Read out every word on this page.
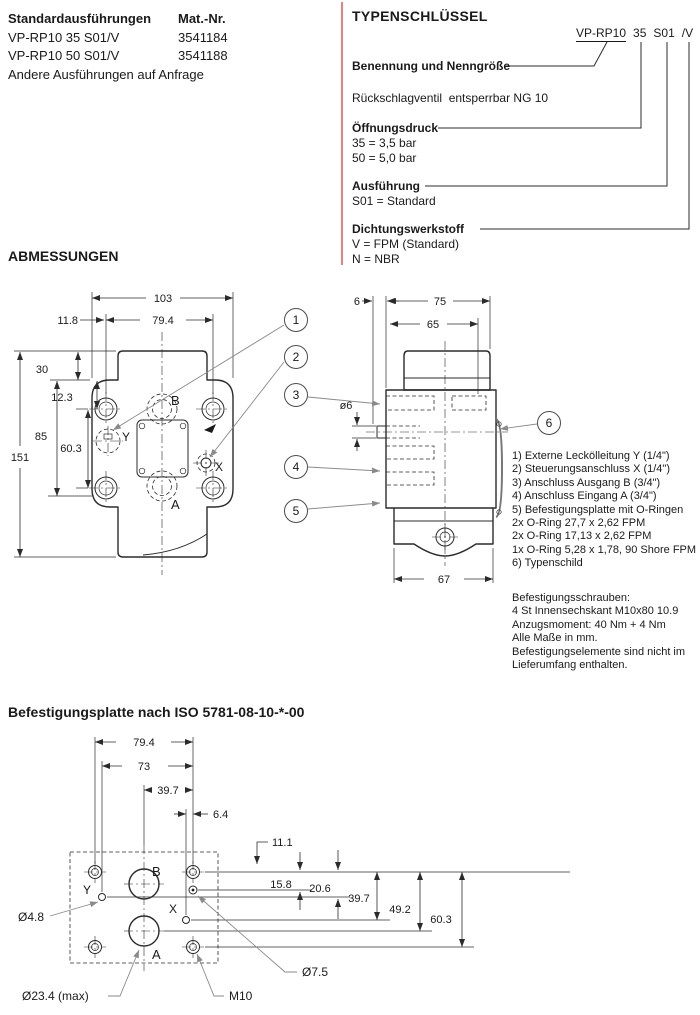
103
79.4
11.8
151
85
60.3
30
12.3	B
A
Y
X
6	75
65
ø6
67
1
2
3
4
5
6
79.4
73
39.7
6.4
11.1
15.8 20.6
39.7
49.2
60.3
Ø4.8
Ø23.4 (max)	M10
Ø7.5
B
A
Y
X
Standardausführungen	Mat.-Nr.
VP-RP10 35 S01/V	3541184
VP-RP10 50 S01/V	3541188
Andere Ausführungen auf Anfrage
TYPENSCHLÜSSEL
VP-RP10 35 S01 /V
Benennung und Nenngröße
Rückschlagventil  entsperrbar NG 10
Öffnungsdruck
35 = 3,5 bar
50 = 5,0 bar
Ausführung
S01 = Standard
Dichtungswerkstoff
V = FPM (Standard)
N = NBR
ABMESSUNGEN
1) Externe Leckölleitung Y (1/4")
2) Steuerungsanschluss X (1/4")
3) Anschluss Ausgang B (3/4")
4) Anschluss Eingang A (3/4")
5) Befestigungsplatte mit O-Ringen
2x O-Ring 27,7 x 2,62 FPM
2x O-Ring 17,13 x 2,62 FPM
1x O-Ring 5,28 x 1,78, 90 Shore FPM
6) Typenschild
Befestigungsschrauben:
4 St Innensechskant M10x80 10.9
Anzugsmoment: 40 Nm + 4 Nm
Alle Maße in mm.
Befestigungselemente sind nicht im
Lieferumfang enthalten.
Befestigungsplatte nach ISO 5781-08-10-*-00
